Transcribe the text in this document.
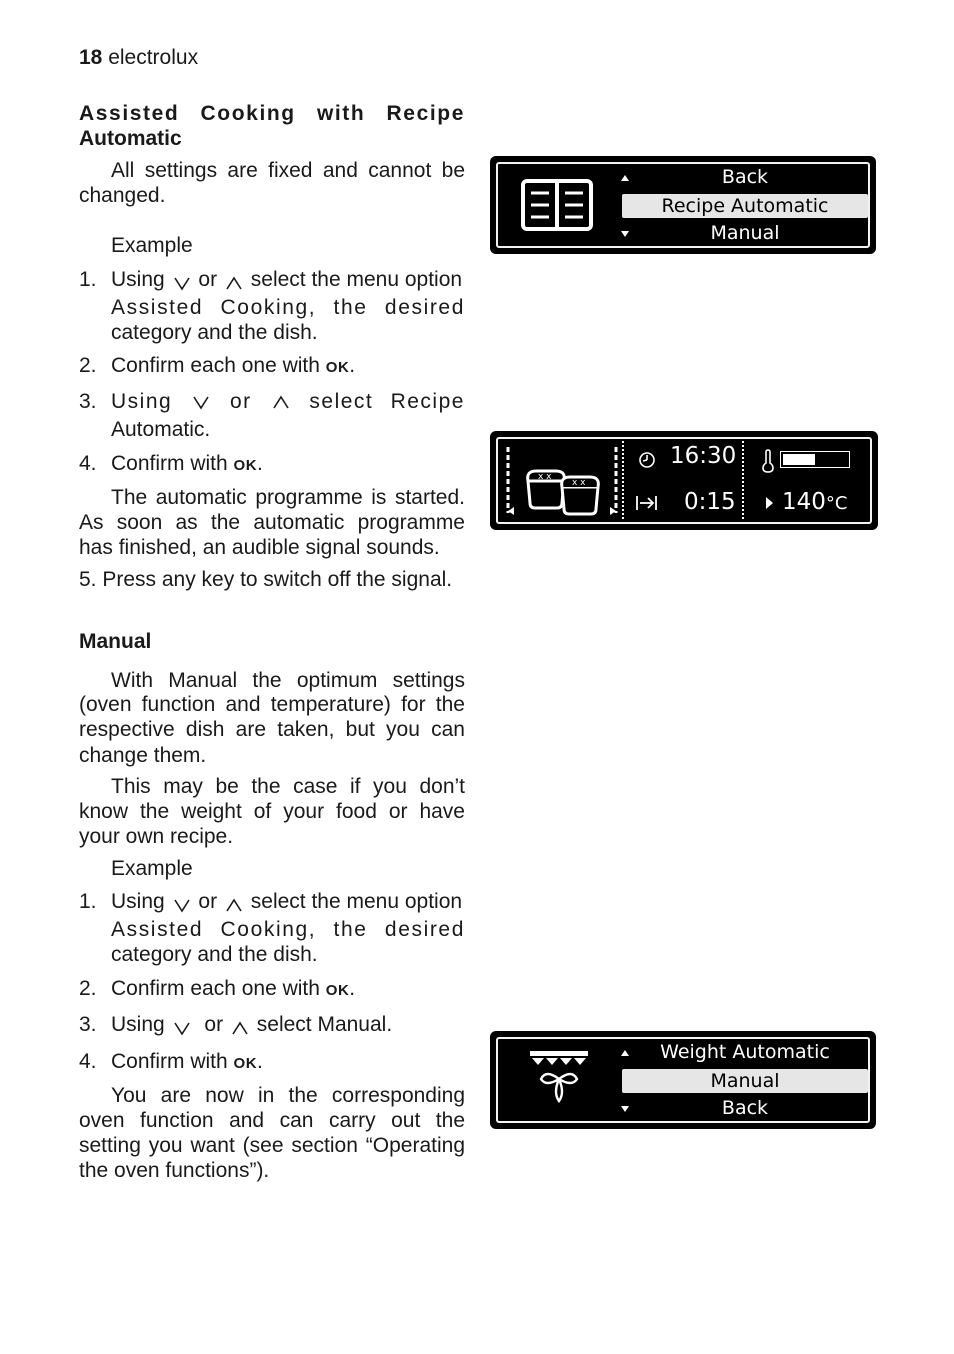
18 electrolux
Assisted Cooking with Recipe
Automatic
All settings are fixed and cannot be
changed.
Example
1. Using or select the menu option
Assisted Cooking, the desired
category and the dish.
2. Confirm each one with OK.
3. Using	or	select Recipe
Automatic.
4. Confirm with OK.
The automatic programme is started.
As soon as the automatic programme
has finished, an audible signal sounds.
5. Press any key to switch off the signal.
Manual
With Manual the optimum settings
(oven function and temperature) for the
respective dish are taken, but you can
change them.
This may be the case if you don’t
know the weight of your food or have
your own recipe.
Example
1. Using or select the menu option
Assisted Cooking, the desired
category and the dish.
2. Confirm each one with OK.
3. Using or select Manual.
4. Confirm with OK.
You are now in the corresponding
oven function and can carry out the
setting you want (see section “Operating
the oven functions”).
Back
Recipe Automatic
Manual
x x
x x
16:30
0:15 140°C
Weight Automatic
Manual
Back
